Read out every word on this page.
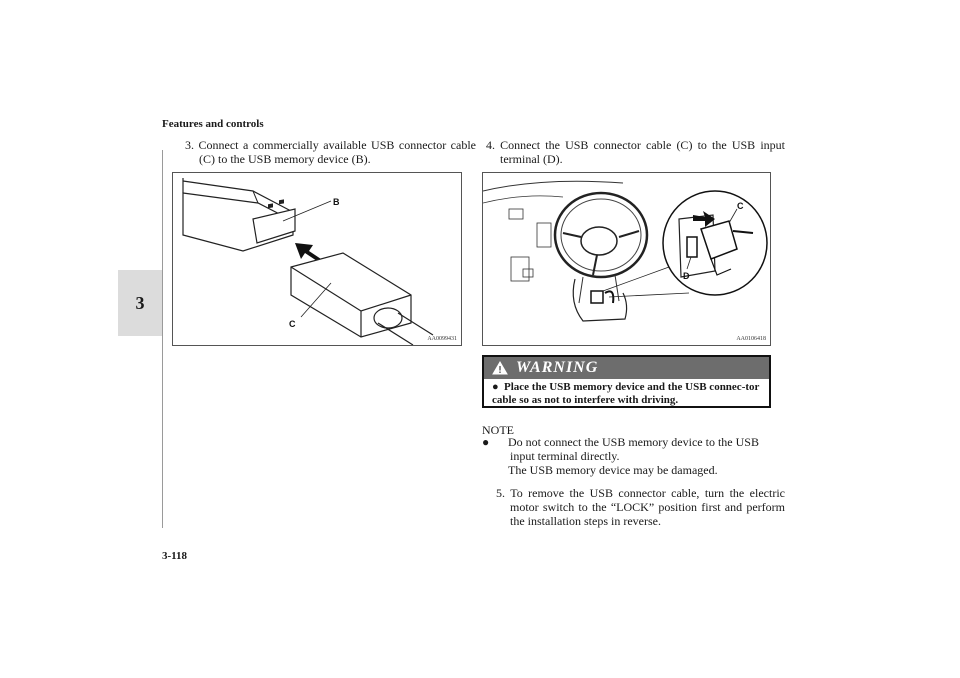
Features and controls
3
3. Connect a commercially available USB connector cable (C) to the USB memory device (B).
4. Connect the USB connector cable (C) to the USB input terminal (D).
B
C
AA0099431
C
D
AA0106418
WARNING
● Place the USB memory device and the USB connec-tor cable so as not to interfere with driving.
NOTE
● Do not connect the USB memory device to the USB input terminal directly.
The USB memory device may be damaged.
5. To remove the USB connector cable, turn the electric motor switch to the “LOCK” position first and perform the installation steps in reverse.
3-118
